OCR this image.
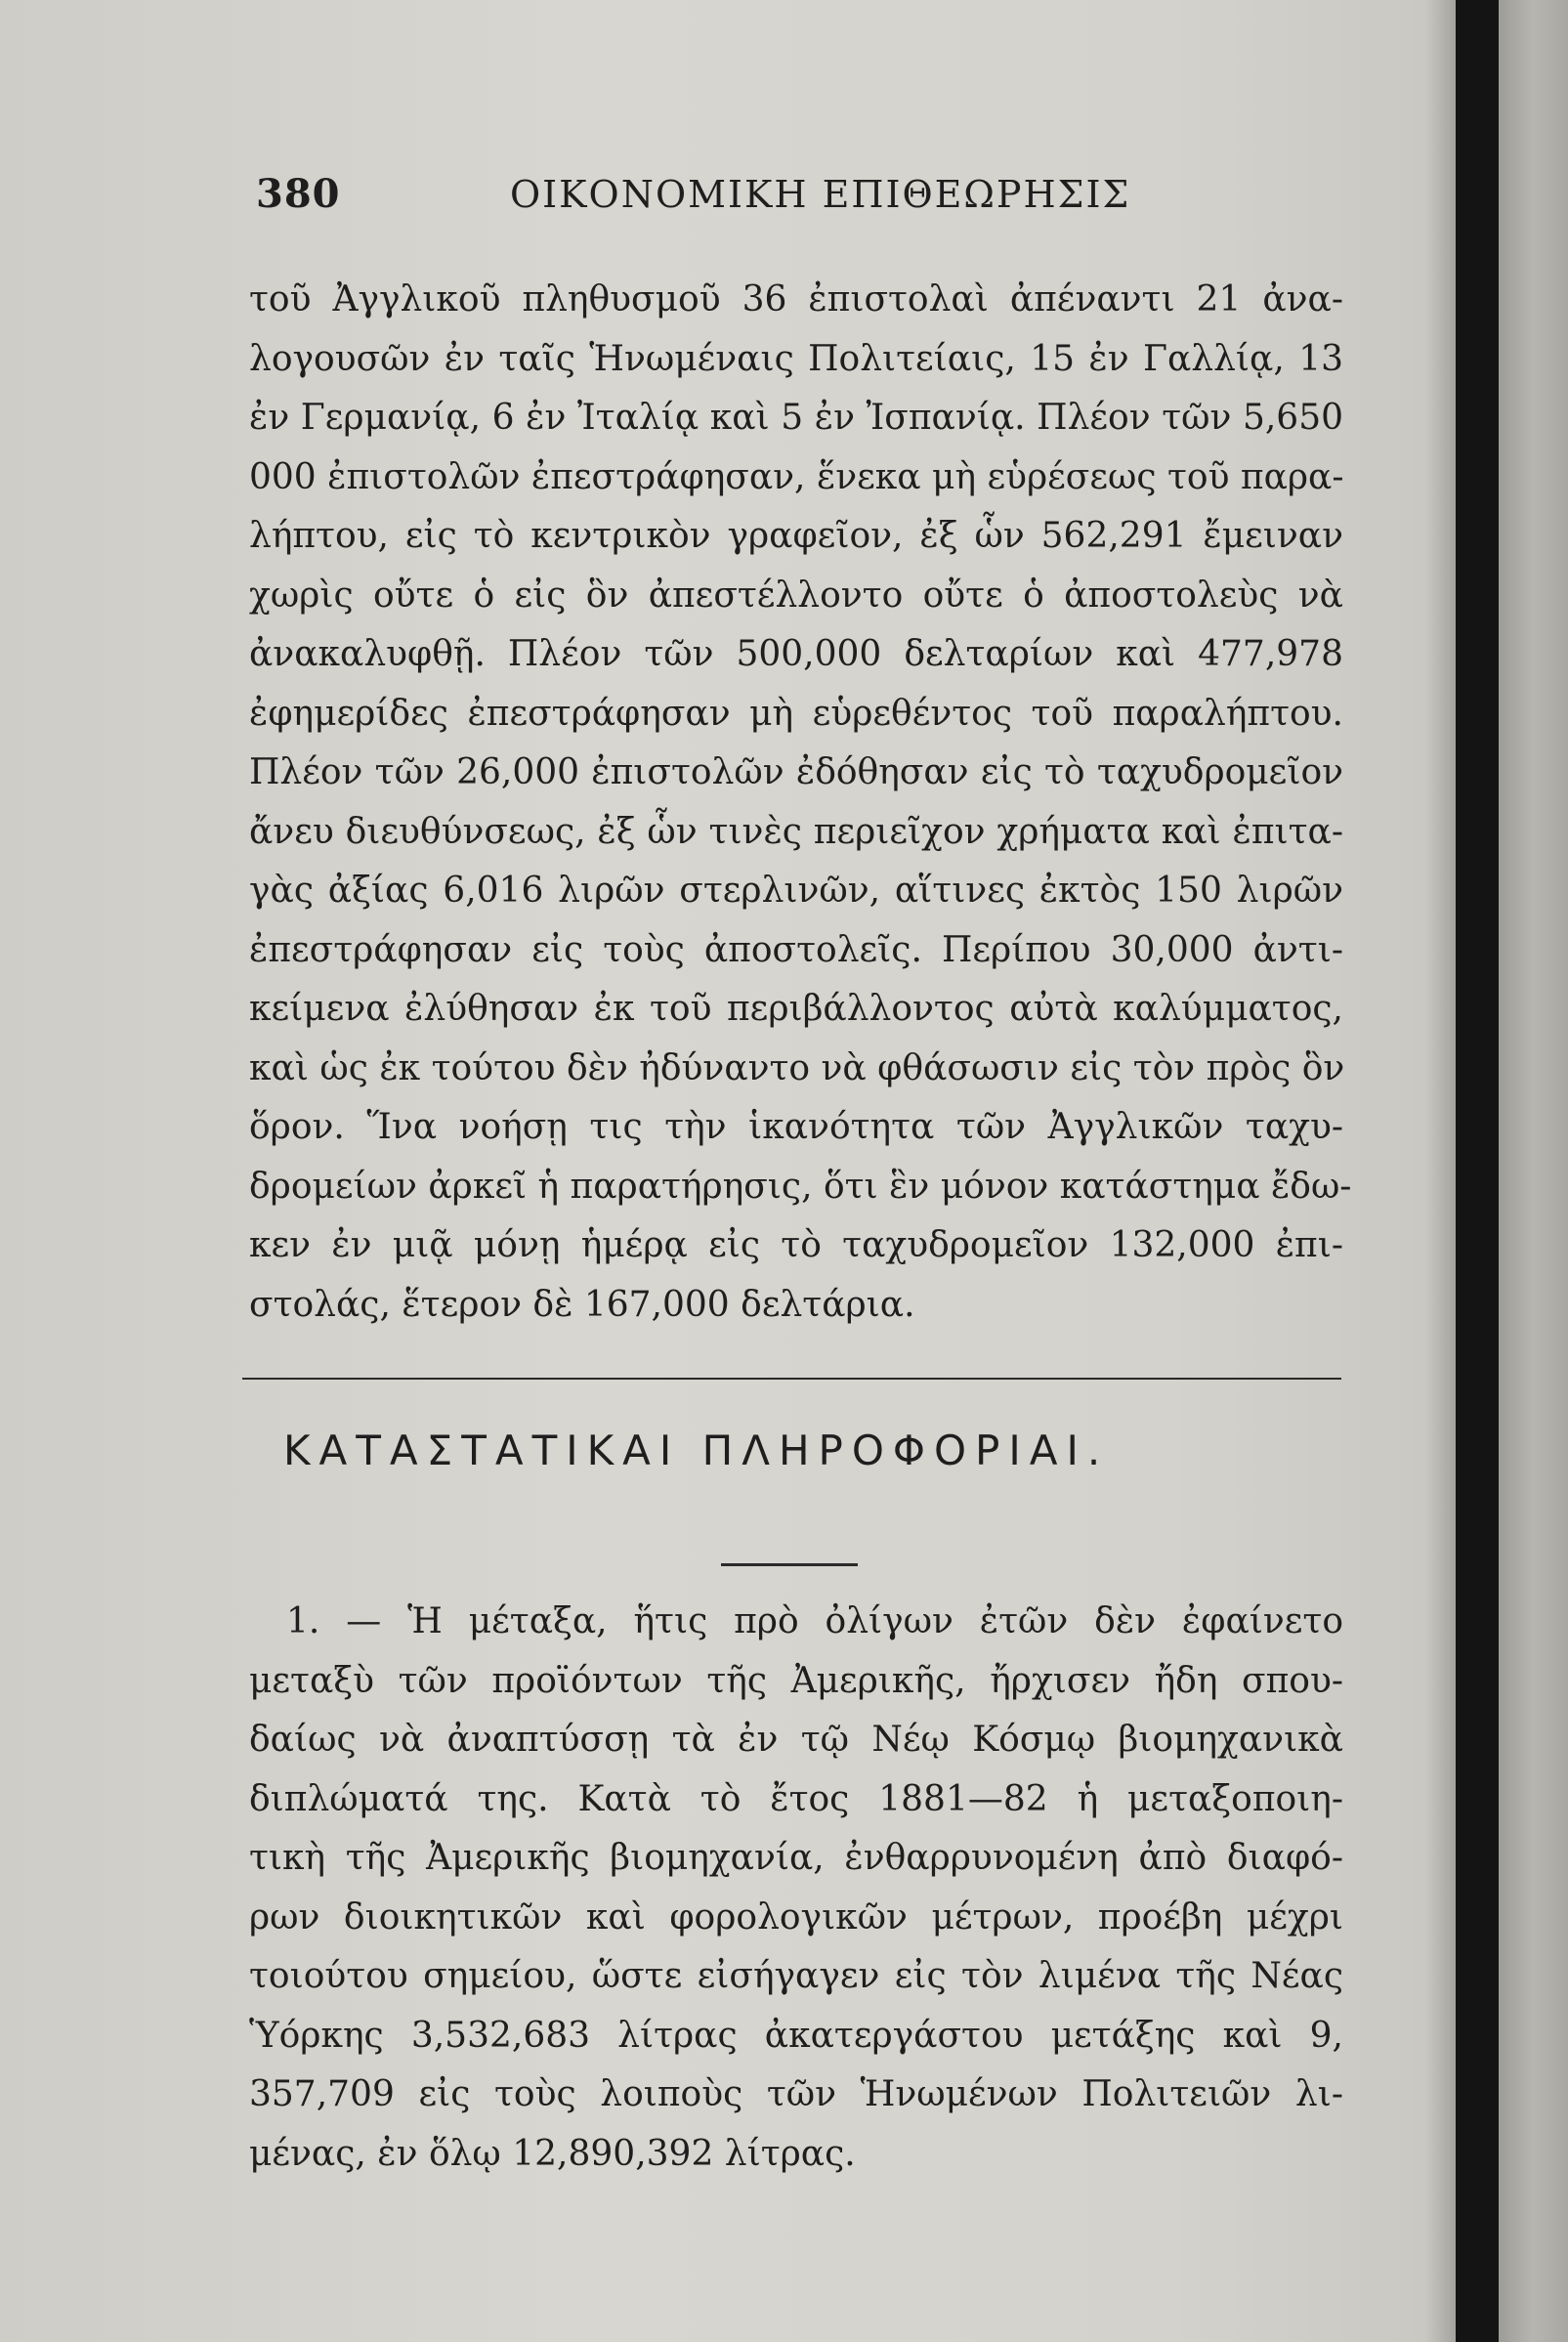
380	ΟΙΚΟΝΟΜΙΚΗ ΕΠΙΘΕΩΡΗΣΙΣ

τοῦ Ἀγγλικοῦ πληθυσμοῦ 36 ἐπιστολαὶ ἀπέναντι 21 ἀνα-
λογουσῶν ἐν ταῖς Ἡνωμέναις Πολιτείαις, 15 ἐν Γαλλίᾳ, 13
ἐν Γερμανίᾳ, 6 ἐν Ἰταλίᾳ καὶ 5 ἐν Ἰσπανίᾳ. Πλέον τῶν 5,650
000 ἐπιστολῶν ἐπεστράφησαν, ἕνεκα μὴ εὑρέσεως τοῦ παρα-
λήπτου, εἰς τὸ κεντρικὸν γραφεῖον, ἐξ ὧν 562,291 ἔμειναν
χωρὶς οὔτε ὁ εἰς ὃν ἀπεστέλλοντο οὔτε ὁ ἀποστολεὺς νὰ
ἀνακαλυφθῇ. Πλέον τῶν 500,000 δελταρίων καὶ 477,978
ἐφημερίδες ἐπεστράφησαν μὴ εὑρεθέντος τοῦ παραλήπτου.
Πλέον τῶν 26,000 ἐπιστολῶν ἐδόθησαν εἰς τὸ ταχυδρομεῖον
ἄνευ διευθύνσεως, ἐξ ὧν τινὲς περιεῖχον χρήματα καὶ ἐπιτα-
γὰς ἀξίας 6,016 λιρῶν στερλινῶν, αἵτινες ἐκτὸς 150 λιρῶν
ἐπεστράφησαν εἰς τοὺς ἀποστολεῖς. Περίπου 30,000 ἀντι-
κείμενα ἐλύθησαν ἐκ τοῦ περιβάλλοντος αὐτὰ καλύμματος,
καὶ ὡς ἐκ τούτου δὲν ἠδύναντο νὰ φθάσωσιν εἰς τὸν πρὸς ὃν
ὅρον. Ἵνα νοήσῃ τις τὴν ἱκανότητα τῶν Ἀγγλικῶν ταχυ-
δρομείων ἀρκεῖ ἡ παρατήρησις, ὅτι ἓν μόνον κατάστημα ἔδω-
κεν ἐν μιᾷ μόνῃ ἡμέρᾳ εἰς τὸ ταχυδρομεῖον 132,000 ἐπι-
στολάς, ἕτερον δὲ 167,000 δελτάρια.

ΚΑΤΑΣΤΑΤΙΚΑΙ ΠΛΗΡΟΦΟΡΙΑΙ.

1. — Ἡ μέταξα, ἥτις πρὸ ὀλίγων ἐτῶν δὲν ἐφαίνετο
μεταξὺ τῶν προϊόντων τῆς Ἀμερικῆς, ἤρχισεν ἤδη σπου-
δαίως νὰ ἀναπτύσσῃ τὰ ἐν τῷ Νέῳ Κόσμῳ βιομηχανικὰ
διπλώματά της. Κατὰ τὸ ἔτος 1881—82 ἡ μεταξοποιη-
τικὴ τῆς Ἀμερικῆς βιομηχανία, ἐνθαρρυνομένη ἀπὸ διαφό-
ρων διοικητικῶν καὶ φορολογικῶν μέτρων, προέβη μέχρι
τοιούτου σημείου, ὥστε εἰσήγαγεν εἰς τὸν λιμένα τῆς Νέας
Ὑόρκης 3,532,683 λίτρας ἀκατεργάστου μετάξης καὶ 9,
357,709 εἰς τοὺς λοιποὺς τῶν Ἡνωμένων Πολιτειῶν λι-
μένας, ἐν ὅλῳ 12,890,392 λίτρας.
